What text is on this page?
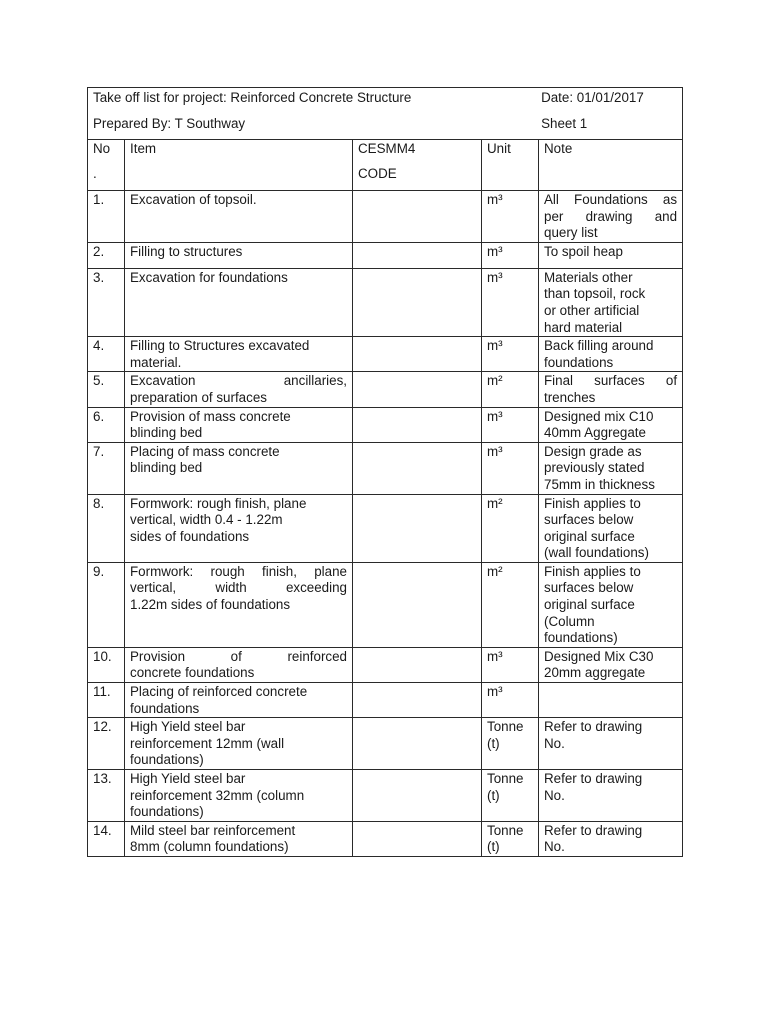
Take off list for project: Reinforced Concrete Structure Date: 01/01/2017
Prepared By: T Southway Sheet 1				

No
.	Item	CESMM4
CODE	Unit	Note
1.	Excavation of topsoil.		m³	All Foundations as
per drawing and
query list

2.	Filling to structures		m³	To spoil heap

3.	Excavation for foundations		m³	Materials other
than topsoil, rock
or other artificial
hard material

4.	Filling to Structures excavated
material.		m³	Back filling around
foundations

5.	Excavation ancillaries,
preparation of surfaces		m²	Final surfaces of
trenches

6.	Provision of mass concrete
blinding bed		m³	Designed mix C10
40mm Aggregate

7.	Placing of mass concrete
blinding bed		m³	Design grade as
previously stated
75mm in thickness

8.	Formwork: rough finish, plane
vertical, width 0.4 - 1.22m
sides of foundations		m²	Finish applies to
surfaces below
original surface
(wall foundations)

9.	Formwork: rough finish, plane
vertical, width exceeding
1.22m sides of foundations		m²	Finish applies to
surfaces below
original surface
(Column
foundations)

10.	Provision of reinforced
concrete foundations		m³	Designed Mix C30
20mm aggregate

11.	Placing of reinforced concrete
foundations		m³	

12.	High Yield steel bar
reinforcement 12mm (wall
foundations)		Tonne
(t)	Refer to drawing
No.

13.	High Yield steel bar
reinforcement 32mm (column
foundations)		Tonne
(t)	Refer to drawing
No.

14.	Mild steel bar reinforcement
8mm (column foundations)		Tonne
(t)	Refer to drawing
No.
